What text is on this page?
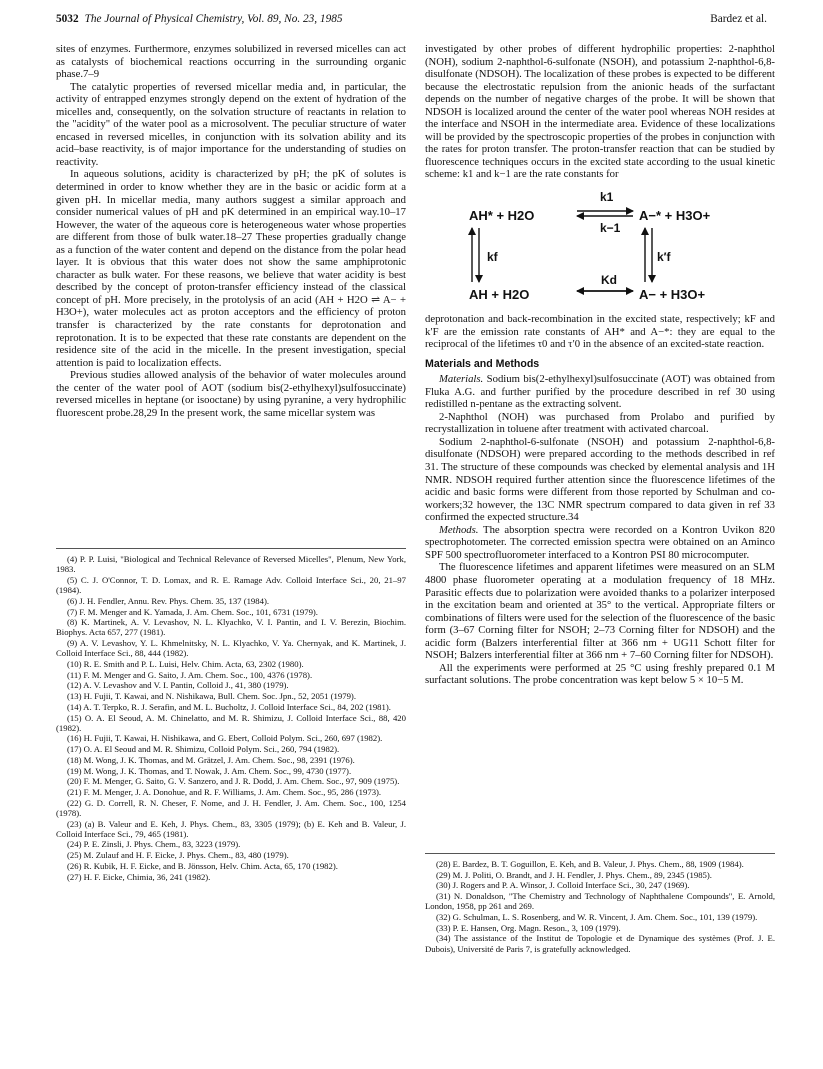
5032 The Journal of Physical Chemistry, Vol. 89, No. 23, 1985	Bardez et al.

sites of enzymes. Furthermore, enzymes solubilized in reversed micelles can act as catalysts of biochemical reactions occurring in the surrounding organic phase.7–9

The catalytic properties of reversed micellar media and, in particular, the activity of entrapped enzymes strongly depend on the extent of hydration of the micelles and, consequently, on the solvation structure of reactants in relation to the "acidity" of the water pool as a microsolvent. The peculiar structure of water encased in reversed micelles, in conjunction with its solvation ability and its acid–base reactivity, is of major importance for the understanding of studies on reactivity.

In aqueous solutions, acidity is characterized by pH; the pK of solutes is determined in order to know whether they are in the basic or acidic form at a given pH. In micellar media, many authors suggest a similar approach and consider numerical values of pH and pK determined in an empirical way.10–17 However, the water of the aqueous core is heterogeneous water whose properties are different from those of bulk water.18–27 These properties gradually change as a function of the water content and depend on the distance from the polar head layer. It is obvious that this water does not show the same amphiprotonic character as bulk water. For these reasons, we believe that water acidity is best described by the concept of proton-transfer efficiency instead of the classical concept of pH. More precisely, in the protolysis of an acid (AH + H2O ⇌ A− + H3O+), water molecules act as proton acceptors and the efficiency of proton transfer is characterized by the rate constants for deprotonation and reprotonation. It is to be expected that these rate constants are dependent on the residence site of the acid in the micelle. In the present investigation, special attention is paid to localization effects.

Previous studies allowed analysis of the behavior of water molecules around the center of the water pool of AOT (sodium bis(2-ethylhexyl)sulfosuccinate) reversed micelles in heptane (or isooctane) by using pyranine, a very hydrophilic fluorescent probe.28,29 In the present work, the same micellar system was

(4) P. P. Luisi, "Biological and Technical Relevance of Reversed Micelles", Plenum, New York, 1983.

(5) C. J. O'Connor, T. D. Lomax, and R. E. Ramage Adv. Colloid Interface Sci., 20, 21–97 (1984).

(6) J. H. Fendler, Annu. Rev. Phys. Chem. 35, 137 (1984).

(7) F. M. Menger and K. Yamada, J. Am. Chem. Soc., 101, 6731 (1979).

(8) K. Martinek, A. V. Levashov, N. L. Klyachko, V. I. Pantin, and I. V. Berezin, Biochim. Biophys. Acta 657, 277 (1981).

(9) A. V. Levashov, Y. L. Khmelnitsky, N. L. Klyachko, V. Ya. Chernyak, and K. Martinek, J. Colloid Interface Sci., 88, 444 (1982).

(10) R. E. Smith and P. L. Luisi, Helv. Chim. Acta, 63, 2302 (1980).

(11) F. M. Menger and G. Saito, J. Am. Chem. Soc., 100, 4376 (1978).

(12) A. V. Levashov and V. I. Pantin, Colloid J., 41, 380 (1979).

(13) H. Fujii, T. Kawai, and N. Nishikawa, Bull. Chem. Soc. Jpn., 52, 2051 (1979).

(14) A. T. Terpko, R. J. Serafin, and M. L. Bucholtz, J. Colloid Interface Sci., 84, 202 (1981).

(15) O. A. El Seoud, A. M. Chinelatto, and M. R. Shimizu, J. Colloid Interface Sci., 88, 420 (1982).

(16) H. Fujii, T. Kawai, H. Nishikawa, and G. Ebert, Colloid Polym. Sci., 260, 697 (1982).

(17) O. A. El Seoud and M. R. Shimizu, Colloid Polym. Sci., 260, 794 (1982).

(18) M. Wong, J. K. Thomas, and M. Grätzel, J. Am. Chem. Soc., 98, 2391 (1976).

(19) M. Wong, J. K. Thomas, and T. Nowak, J. Am. Chem. Soc., 99, 4730 (1977).

(20) F. M. Menger, G. Saito, G. V. Sanzero, and J. R. Dodd, J. Am. Chem. Soc., 97, 909 (1975).

(21) F. M. Menger, J. A. Donohue, and R. F. Williams, J. Am. Chem. Soc., 95, 286 (1973).

(22) G. D. Correll, R. N. Cheser, F. Nome, and J. H. Fendler, J. Am. Chem. Soc., 100, 1254 (1978).

(23) (a) B. Valeur and E. Keh, J. Phys. Chem., 83, 3305 (1979); (b) E. Keh and B. Valeur, J. Colloid Interface Sci., 79, 465 (1981).

(24) P. E. Zinsli, J. Phys. Chem., 83, 3223 (1979).

(25) M. Zulauf and H. F. Eicke, J. Phys. Chem., 83, 480 (1979).

(26) R. Kubik, H. F. Eicke, and B. Jönsson, Helv. Chim. Acta, 65, 170 (1982).

(27) H. F. Eicke, Chimia, 36, 241 (1982).

investigated by other probes of different hydrophilic properties: 2-naphthol (NOH), sodium 2-naphthol-6-sulfonate (NSOH), and potassium 2-naphthol-6,8-disulfonate (NDSOH). The localization of these probes is expected to be different because the electrostatic repulsion from the anionic heads of the surfactant depends on the number of negative charges of the probe. It will be shown that NDSOH is localized around the center of the water pool whereas NOH resides at the interface and NSOH in the intermediate area. Evidence of these localizations will be provided by the spectroscopic properties of the probes in conjunction with the rates for proton transfer. The proton-transfer reaction that can be studied by fluorescence techniques occurs in the excited state according to the usual kinetic scheme: k1 and k−1 are the rate constants for

AH* + H2O	A−* + H3O+
AH + H2O	A− + H3O+
k1
k−1
kf	k′f
Kd

deprotonation and back-recombination in the excited state, respectively; kF and k′F are the emission rate constants of AH* and A−*: they are equal to the reciprocal of the lifetimes τ0 and τ′0 in the absence of an excited-state reaction.

Materials and Methods

Materials. Sodium bis(2-ethylhexyl)sulfosuccinate (AOT) was obtained from Fluka A.G. and further purified by the procedure described in ref 30 using redistilled n-pentane as the extracting solvent.

2-Naphthol (NOH) was purchased from Prolabo and purified by recrystallization in toluene after treatment with activated charcoal.

Sodium 2-naphthol-6-sulfonate (NSOH) and potassium 2-naphthol-6,8-disulfonate (NDSOH) were prepared according to the methods described in ref 31. The structure of these compounds was checked by elemental analysis and 1H NMR. NDSOH required further attention since the fluorescence lifetimes of the acidic and basic forms were different from those reported by Schulman and co-workers;32 however, the 13C NMR spectrum compared to data given in ref 33 confirmed the expected structure.34

Methods. The absorption spectra were recorded on a Kontron Uvikon 820 spectrophotometer. The corrected emission spectra were obtained on an Aminco SPF 500 spectrofluorometer interfaced to a Kontron PSI 80 microcomputer.

The fluorescence lifetimes and apparent lifetimes were measured on an SLM 4800 phase fluorometer operating at a modulation frequency of 18 MHz. Parasitic effects due to polarization were avoided thanks to a polarizer interposed in the excitation beam and oriented at 35° to the vertical. Appropriate filters or combinations of filters were used for the selection of the fluorescence of the basic form (3–67 Corning filter for NSOH; 2–73 Corning filter for NDSOH) and the acidic form (Balzers interferential filter at 366 nm + UG11 Schott filter for NSOH; Balzers interferential filter at 366 nm + 7–60 Corning filter for NDSOH).

All the experiments were performed at 25 °C using freshly prepared 0.1 M surfactant solutions. The probe concentration was kept below 5 × 10−5 M.

(28) E. Bardez, B. T. Goguillon, E. Keh, and B. Valeur, J. Phys. Chem., 88, 1909 (1984).

(29) M. J. Politi, O. Brandt, and J. H. Fendler, J. Phys. Chem., 89, 2345 (1985).

(30) J. Rogers and P. A. Winsor, J. Colloid Interface Sci., 30, 247 (1969).

(31) N. Donaldson, "The Chemistry and Technology of Naphthalene Compounds", E. Arnold, London, 1958, pp 261 and 269.

(32) G. Schulman, L. S. Rosenberg, and W. R. Vincent, J. Am. Chem. Soc., 101, 139 (1979).

(33) P. E. Hansen, Org. Magn. Reson., 3, 109 (1979).

(34) The assistance of the Institut de Topologie et de Dynamique des systèmes (Prof. J. E. Dubois), Université de Paris 7, is gratefully acknowledged.
